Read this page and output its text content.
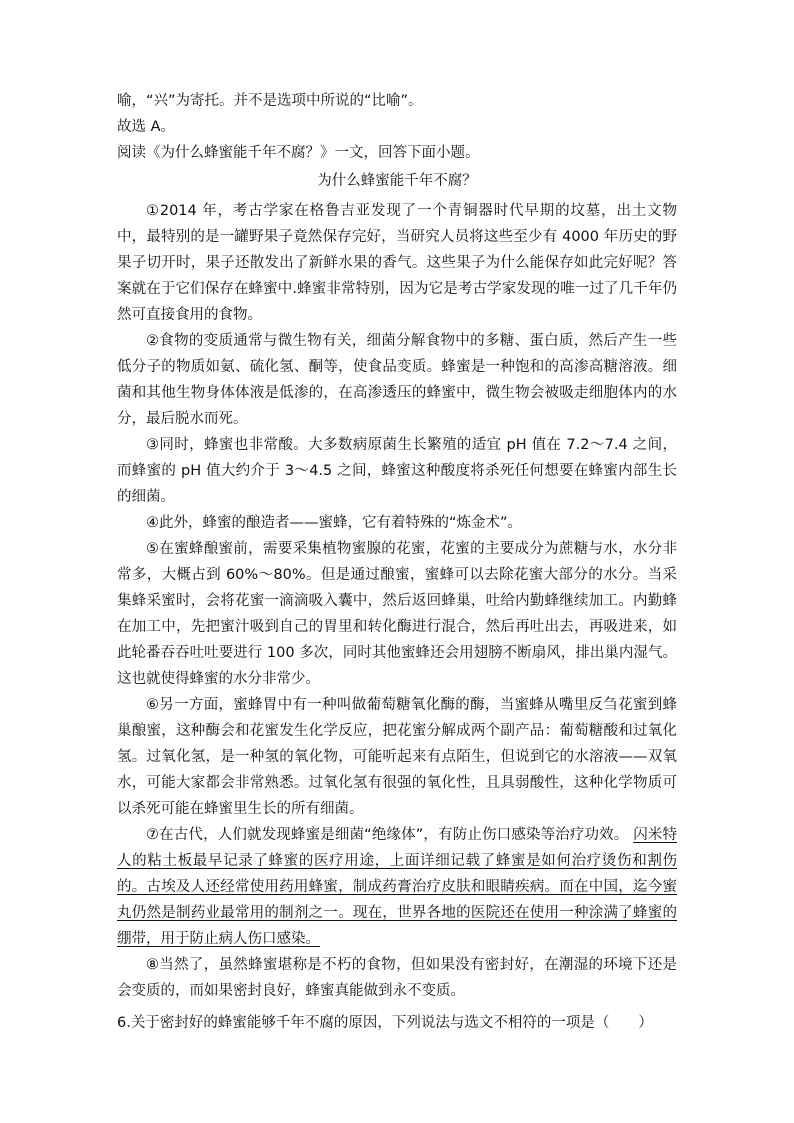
喻，“兴”为寄托。并不是选项中所说的“比喻”。
故选 A。
阅读《为什么蜂蜜能千年不腐？》一文，回答下面小题。
为什么蜂蜜能千年不腐？

①2014 年，考古学家在格鲁吉亚发现了一个青铜器时代早期的坟墓，出土文物中，最特别的是一罐野果子竟然保存完好，当研究人员将这些至少有 4000 年历史的野果子切开时，果子还散发出了新鲜水果的香气。这些果子为什么能保存如此完好呢？答案就在于它们保存在蜂蜜中.蜂蜜非常特别，因为它是考古学家发现的唯一过了几千年仍然可直接食用的食物。

②食物的变质通常与微生物有关，细菌分解食物中的多糖、蛋白质，然后产生一些低分子的物质如氨、硫化氢、酮等，使食品变质。蜂蜜是一种饱和的高渗高糖溶液。细菌和其他生物身体体液是低渗的，在高渗透压的蜂蜜中，微生物会被吸走细胞体内的水分，最后脱水而死。

③同时，蜂蜜也非常酸。大多数病原菌生长繁殖的适宜 pH 值在 7.2～7.4 之间，而蜂蜜的 pH 值大约介于 3～4.5 之间，蜂蜜这种酸度将杀死任何想要在蜂蜜内部生长的细菌。

④此外，蜂蜜的酿造者——蜜蜂，它有着特殊的“炼金术”。

⑤在蜜蜂酿蜜前，需要采集植物蜜腺的花蜜，花蜜的主要成分为蔗糖与水，水分非常多，大概占到 60%～80%。但是通过酿蜜，蜜蜂可以去除花蜜大部分的水分。当采集蜂采蜜时，会将花蜜一滴滴吸入囊中，然后返回蜂巢，吐给内勤蜂继续加工。内勤蜂在加工中，先把蜜汁吸到自己的胃里和转化酶进行混合，然后再吐出去，再吸进来，如此轮番吞吞吐吐要进行 100 多次，同时其他蜜蜂还会用翅膀不断扇风，排出巢内湿气。这也就使得蜂蜜的水分非常少。

⑥另一方面，蜜蜂胃中有一种叫做葡萄糖氧化酶的酶，当蜜蜂从嘴里反刍花蜜到蜂巢酿蜜，这种酶会和花蜜发生化学反应，把花蜜分解成两个副产品：葡萄糖酸和过氧化氢。过氧化氢，是一种氢的氧化物，可能听起来有点陌生，但说到它的水溶液——双氧水，可能大家都会非常熟悉。过氧化氢有很强的氧化性，且具弱酸性，这种化学物质可以杀死可能在蜂蜜里生长的所有细菌。

⑦在古代，人们就发现蜂蜜是细菌“绝缘体”，有防止伤口感染等治疗功效。 闪米特人的粘土板最早记录了蜂蜜的医疗用途，上面详细记载了蜂蜜是如何治疗烫伤和割伤的。古埃及人还经常使用药用蜂蜜，制成药膏治疗皮肤和眼睛疾病。而在中国，迄今蜜丸仍然是制药业最常用的制剂之一。现在，世界各地的医院还在使用一种涂满了蜂蜜的绷带，用于防止病人伤口感染。

⑧当然了，虽然蜂蜜堪称是不朽的食物，但如果没有密封好，在潮湿的环境下还是会变质的，而如果密封良好，蜂蜜真能做到永不变质。

6.关于密封好的蜂蜜能够千年不腐的原因，下列说法与选文不相符的一项是（　　）
